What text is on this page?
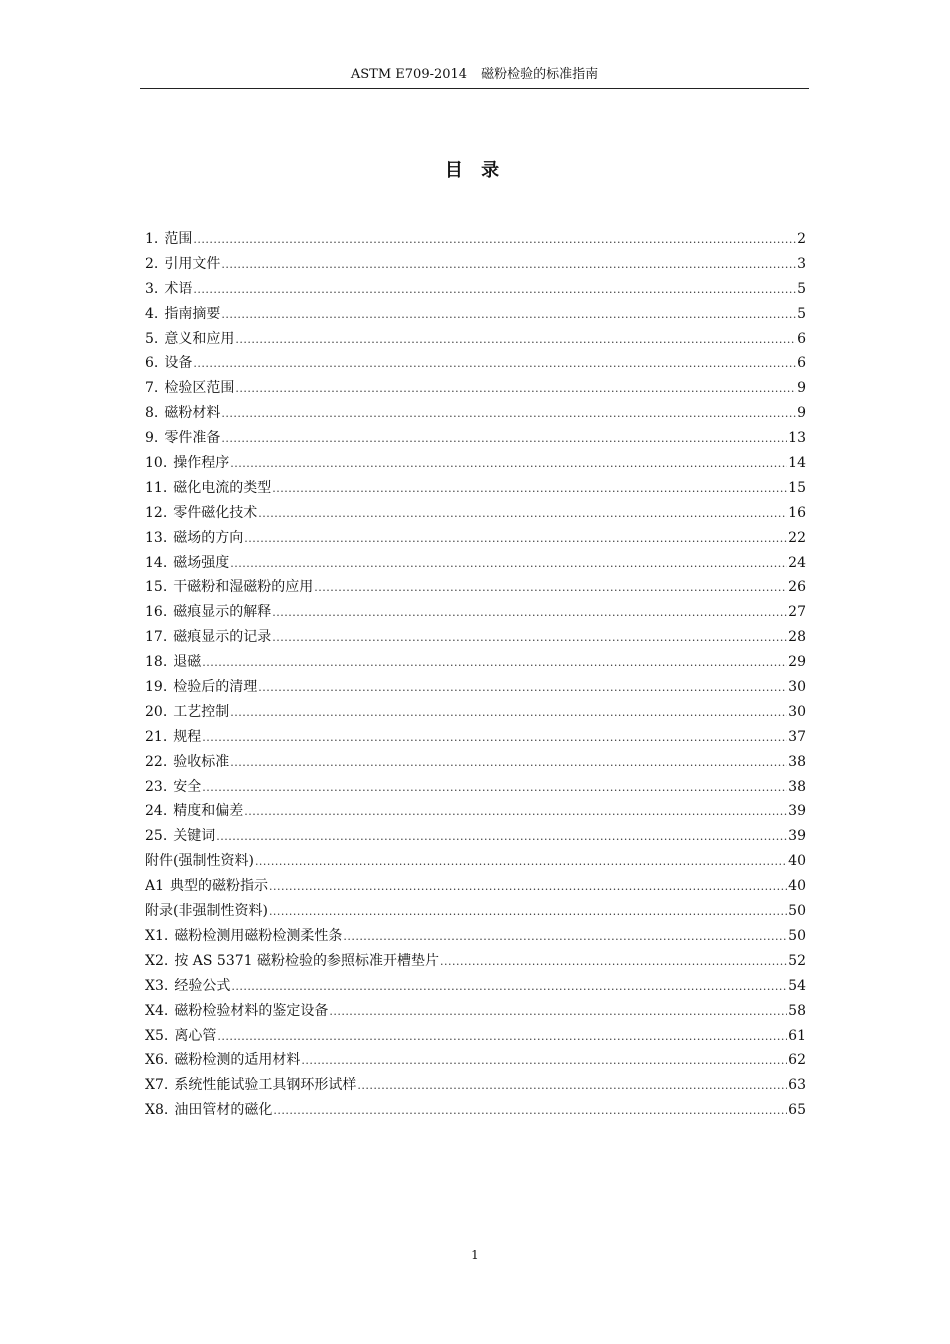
ASTM E709-2014 磁粉检验的标准指南
目 录
1. 范围 .....	2
2. 引用文件 .....	3
3. 术语 .....	5
4. 指南摘要 .....	5
5. 意义和应用 .....	6
6. 设备 .....	6
7. 检验区范围 .....	9
8. 磁粉材料 .....	9
9. 零件准备 .....	13
10. 操作程序 .....	14
11. 磁化电流的类型 .....	15
12. 零件磁化技术 .....	16
13. 磁场的方向 .....	22
14. 磁场强度 .....	24
15. 干磁粉和湿磁粉的应用 .....	26
16. 磁痕显示的解释 .....	27
17. 磁痕显示的记录 .....	28
18. 退磁 .....	29
19. 检验后的清理 .....	30
20. 工艺控制 .....	30
21. 规程 .....	37
22. 验收标准 .....	38
23. 安全 .....	38
24. 精度和偏差 .....	39
25. 关键词 .....	39
附件(强制性资料) .....	40
A1 典型的磁粉指示 .....	40
附录(非强制性资料) .....	50
X1. 磁粉检测用磁粉检测柔性条 .....	50
X2. 按 AS 5371 磁粉检验的参照标准开槽垫片 .....	52
X3. 经验公式 .....	54
X4. 磁粉检验材料的鉴定设备 .....	58
X5. 离心管 .....	61
X6. 磁粉检测的适用材料 .....	62
X7. 系统性能试验工具钢环形试样 .....	63
X8. 油田管材的磁化 .....	65
1
